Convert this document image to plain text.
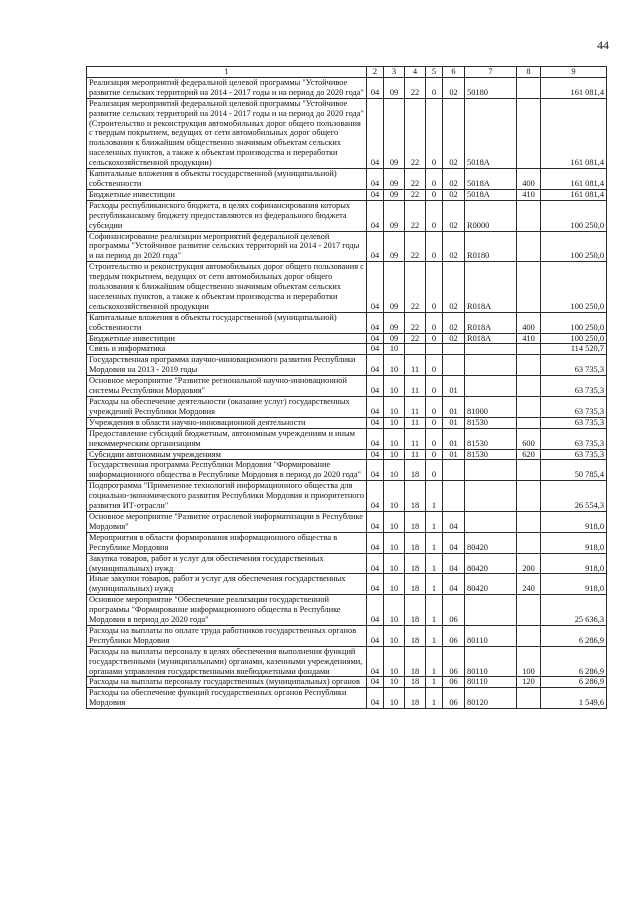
44
1	2	3	4	5	6	7	8	9
Реализация мероприятий федеральной целевой программы "Устойчивое развитие сельских территорий на 2014 - 2017 годы и на период до 2020 года"	04	09	22	0	02	50180		161 081,4
Реализация мероприятий федеральной целевой программы "Устойчивое развитие сельских территорий на 2014 - 2017 годы и на период до 2020 года" (Строительство и реконструкция автомобильных дорог общего пользования с твердым покрытием, ведущих от сети автомобильных дорог общего пользования к ближайшим общественно значимым объектам сельских населенных пунктов, а также к объектам производства и переработки сельскохозяйственной продукции)	04	09	22	0	02	5018А		161 081,4
Капитальные вложения в объекты государственной (муниципальной) собственности	04	09	22	0	02	5018А	400	161 081,4
Бюджетные инвестиции	04	09	22	0	02	5018А	410	161 081,4
Расходы республиканского бюджета, в целях софинансирования которых республиканскому бюджету предоставляются из федерального бюджета субсидии	04	09	22	0	02	R0000		100 250,0
Софинансирование реализации мероприятий федеральной целевой программы "Устойчивое развитие сельских территорий на 2014 - 2017 годы и на период до 2020 года"	04	09	22	0	02	R0180		100 250,0
Строительство и реконструкция автомобильных дорог общего пользования с твердым покрытием, ведущих от сети автомобильных дорог общего пользования к ближайшим общественно значимым объектам сельских населенных пунктов, а также к объектам производства и переработки сельскохозяйственной продукции	04	09	22	0	02	R018А		100 250,0
Капитальные вложения в объекты государственной (муниципальной) собственности	04	09	22	0	02	R018А	400	100 250,0
Бюджетные инвестиции	04	09	22	0	02	R018А	410	100 250,0
Связь и информатика	04	10						114 520,7
Государственная программа научно-инновационного развития Республики Мордовия на 2013 - 2019 годы	04	10	11	0				63 735,3
Основное мероприятие "Развитие региональной научно-инновационной системы Республики Мордовия"	04	10	11	0	01			63 735,3
Расходы на обеспечение деятельности (оказание услуг) государственных учреждений Республики Мордовия	04	10	11	0	01	81000		63 735,3
Учреждения в области научно-инновационной деятельности	04	10	11	0	01	81530		63 735,3
Предоставление субсидий бюджетным, автономным учреждениям и иным некоммерческим организациям	04	10	11	0	01	81530	600	63 735,3
Субсидии автономным учреждениям	04	10	11	0	01	81530	620	63 735,3
Государственная программа Республики Мордовия "Формирование информационного общества в Республике Мордовия в период до 2020 года"	04	10	18	0				50 785,4
Подпрограмма "Применение технологий информационного общества для социально-экономического развития Республики Мордовия и приоритетного развития ИТ-отрасли"	04	10	18	1				26 554,3
Основное мероприятие "Развитие отраслевой информатизации в Республике Мордовия"	04	10	18	1	04			918,0
Мероприятия в области формирования информационного общества в Республике Мордовия	04	10	18	1	04	80420		918,0
Закупка товаров, работ и услуг для обеспечения государственных (муниципальных) нужд	04	10	18	1	04	80420	200	918,0
Иные закупки товаров, работ и услуг для обеспечения государственных (муниципальных) нужд	04	10	18	1	04	80420	240	918,0
Основное мероприятие "Обеспечение реализации государственной программы "Формирование информационного общества в Республике Мордовия в период до 2020 года"	04	10	18	1	06			25 636,3
Расходы на выплаты по оплате труда работников государственных органов Республики Мордовия	04	10	18	1	06	80110		6 286,9
Расходы на выплаты персоналу в целях обеспечения выполнения функций государственными (муниципальными) органами, казенными учреждениями, органами управления государственными внебюджетными фондами	04	10	18	1	06	80110	100	6 286,9
Расходы на выплаты персоналу государственных (муниципальных) органов	04	10	18	1	06	80110	120	6 286,9
Расходы на обеспечение функций государственных органов Республики Мордовия	04	10	18	1	06	80120		1 549,6
